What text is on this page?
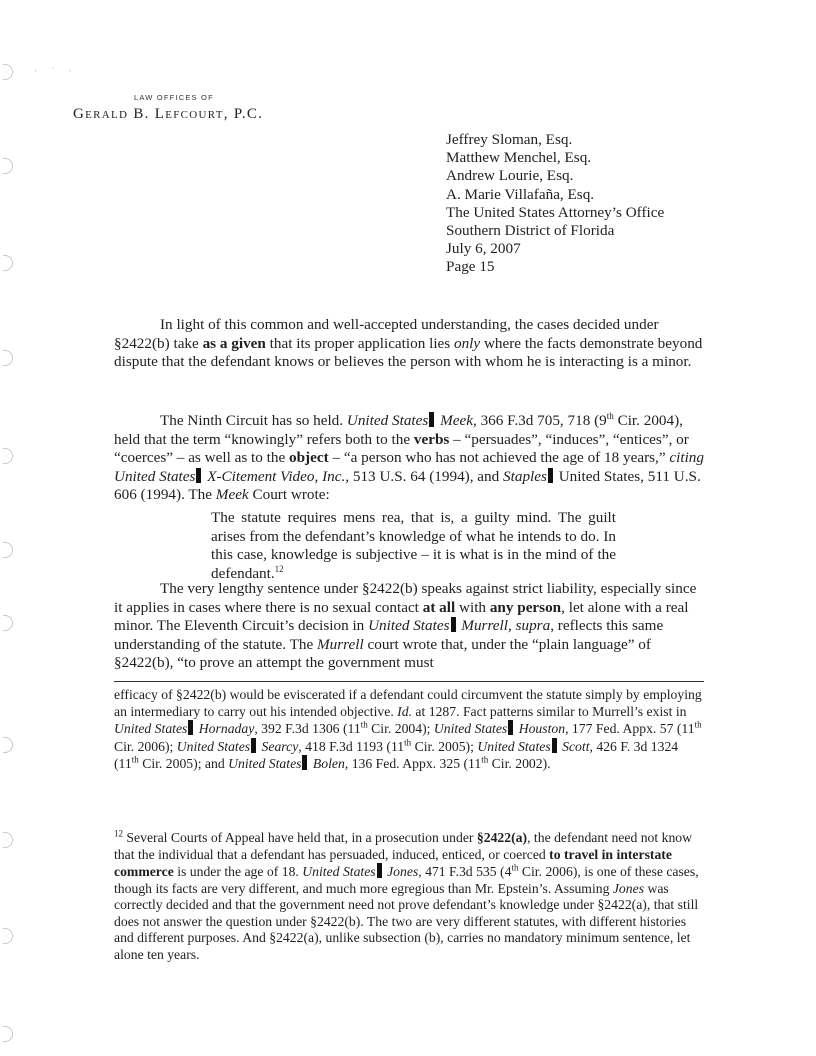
· ˙ ·
LAW OFFICES OF
Gerald B. Lefcourt, P.C.
Jeffrey Sloman, Esq.
Matthew Menchel, Esq.
Andrew Lourie, Esq.
A. Marie Villafaña, Esq.
The United States Attorney’s Office
Southern District of Florida
July 6, 2007
Page 15

In light of this common and well-accepted understanding, the cases decided under §2422(b) take as a given that its proper application lies only where the facts demonstrate beyond dispute that the defendant knows or believes the person with whom he is interacting is a minor.

The Ninth Circuit has so held. United States Meek, 366 F.3d 705, 718 (9th Cir. 2004), held that the term “knowingly” refers both to the verbs – “persuades”, “induces”, “entices”, or “coerces” – as well as to the object – “a person who has not achieved the age of 18 years,” citing United States X-Citement Video, Inc., 513 U.S. 64 (1994), and Staples United States, 511 U.S. 606 (1994). The Meek Court wrote:

The statute requires mens rea, that is, a guilty mind. The guilt arises from the defendant’s knowledge of what he intends to do. In this case, knowledge is subjective – it is what is in the mind of the defendant.$^{12}$

The very lengthy sentence under §2422(b) speaks against strict liability, especially since it applies in cases where there is no sexual contact at all with any person, let alone with a real minor. The Eleventh Circuit’s decision in United States Murrell, supra, reflects this same understanding of the statute. The Murrell court wrote that, under the “plain language” of §2422(b), “to prove an attempt the government must

efficacy of §2422(b) would be eviscerated if a defendant could circumvent the statute simply by employing an intermediary to carry out his intended objective. Id. at 1287. Fact patterns similar to Murrell’s exist in United States Hornaday, 392 F.3d 1306 (11th Cir. 2004); United States Houston, 177 Fed. Appx. 57 (11th Cir. 2006); United States Searcy, 418 F.3d 1193 (11th Cir. 2005); United States Scott, 426 F. 3d 1324 (11th Cir. 2005); and United States Bolen, 136 Fed. Appx. 325 (11th Cir. 2002).

$^{12}$ Several Courts of Appeal have held that, in a prosecution under §2422(a), the defendant need not know that the individual that a defendant has persuaded, induced, enticed, or coerced to travel in interstate commerce is under the age of 18. United States Jones, 471 F.3d 535 (4th Cir. 2006), is one of these cases, though its facts are very different, and much more egregious than Mr. Epstein’s. Assuming Jones was correctly decided and that the government need not prove defendant’s knowledge under §2422(a), that still does not answer the question under §2422(b). The two are very different statutes, with different histories and different purposes. And §2422(a), unlike subsection (b), carries no mandatory minimum sentence, let alone ten years.
